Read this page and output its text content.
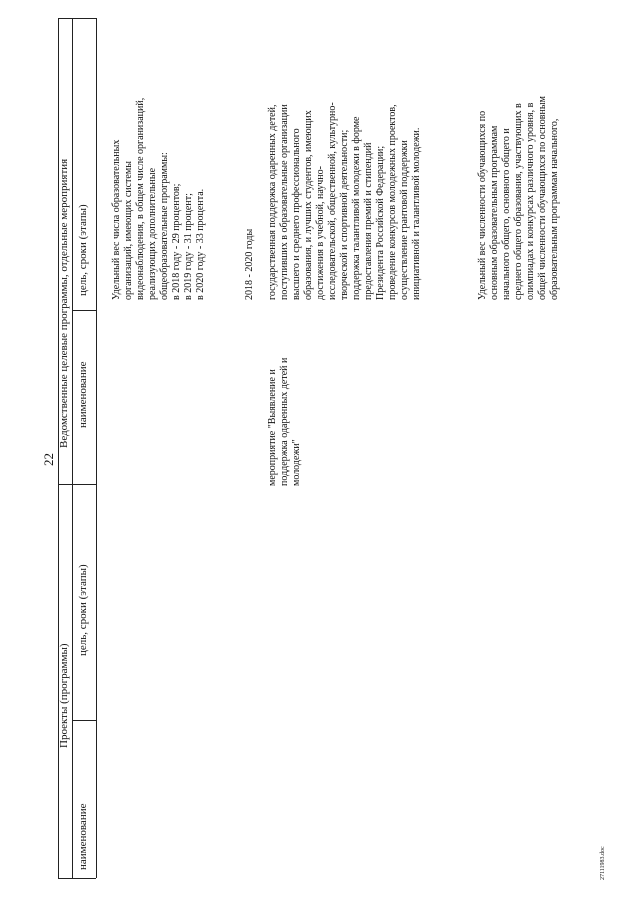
22
Проекты (программы)
Ведомственные целевые программы, отдельные мероприятия
наименование
цель, сроки (этапы)
наименование
цель, сроки (этапы) Удельный вес числа образовательных организаций, имеющих системы видеонаблюдения, в общем числе организаций, реализующих дополнительные общеобразовательные программы: в 2018 году - 29 процентов; в 2019 году - 31 процент; в 2020 году - 33 процента.	2018 - 2020 годы
мероприятие "Выявление и поддержка одаренных детей и молодежи"
государственная поддержка одаренных детей, поступивших в образовательные организации высшего и среднего профессионального образования, и лучших студентов, имеющих достижения в учебной, научно- исследовательской, общественной, культурно- творческой и спортивной деятельности; поддержка талантливой молодежи в форме предоставления премий и стипендий Президента Российской Федерации; проведение конкурсов молодежных проектов, осуществление грантовой поддержки инициативной и талантливой молодежи.	Удельный вес численности обучающихся по основным образовательным программам начального общего, основного общего и среднего общего образования, участвующих в олимпиадах и конкурсах различного уровня, в общей численности обучающихся по основным образовательным программам начального,
27111983.doc
